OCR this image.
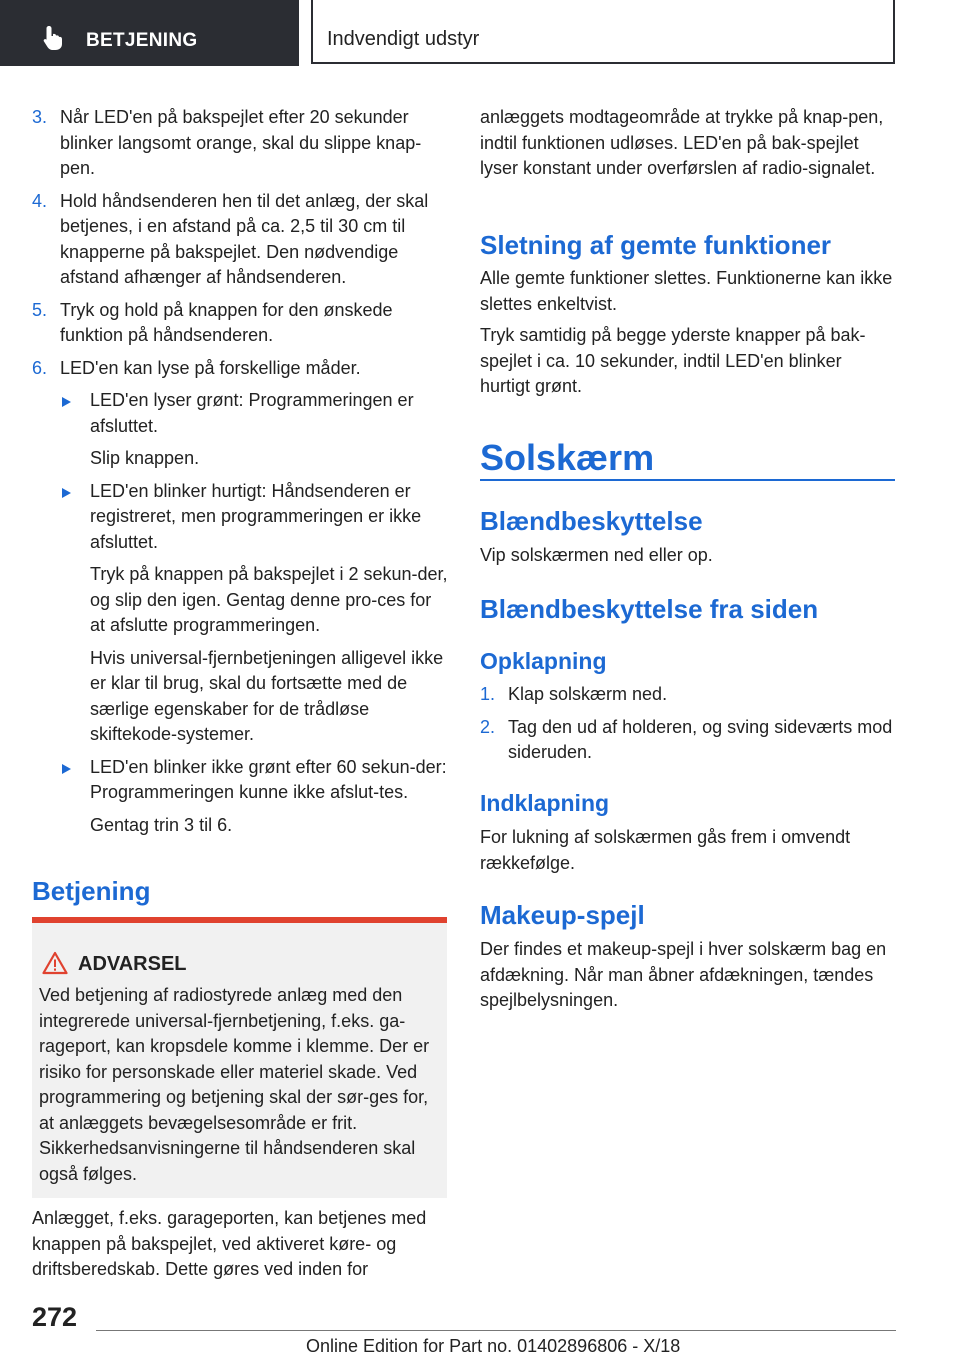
BETJENING	Indvendigt udstyr
3. Når LED'en på bakspejlet efter 20 sekunder blinker langsomt orange, skal du slippe knap-pen.
4. Hold håndsenderen hen til det anlæg, der skal betjenes, i en afstand på ca. 2,5 til 30 cm til knapperne på bakspejlet. Den nødvendige afstand afhænger af håndsenderen.
5. Tryk og hold på knappen for den ønskede funktion på håndsenderen.
6. LED'en kan lyse på forskellige måder.
LED'en lyser grønt: Programmeringen er afsluttet.
Slip knappen.
LED'en blinker hurtigt: Håndsenderen er registreret, men programmeringen er ikke afsluttet.
Tryk på knappen på bakspejlet i 2 sekun-der, og slip den igen. Gentag denne pro-ces for at afslutte programmeringen.
Hvis universal-fjernbetjeningen alligevel ikke er klar til brug, skal du fortsætte med de særlige egenskaber for de trådløse skiftekode-systemer.
LED'en blinker ikke grønt efter 60 sekun-der: Programmeringen kunne ikke afslut-tes.
Gentag trin 3 til 6.
Betjening
ADVARSEL
Ved betjening af radiostyrede anlæg med den integrerede universal-fjernbetjening, f.eks. ga-rageport, kan kropsdele komme i klemme. Der er risiko for personskade eller materiel skade. Ved programmering og betjening skal der sør-ges for, at anlæggets bevægelsesområde er frit. Sikkerhedsanvisningerne til håndsenderen skal også følges.

Anlægget, f.eks. garageporten, kan betjenes med knappen på bakspejlet, ved aktiveret køre- og driftsberedskab. Dette gøres ved inden for

anlæggets modtageområde at trykke på knap-pen, indtil funktionen udløses. LED'en på bak-spejlet lyser konstant under overførslen af radio-signalet.

Sletning af gemte funktioner

Alle gemte funktioner slettes. Funktionerne kan ikke slettes enkeltvist.

Tryk samtidig på begge yderste knapper på bak-spejlet i ca. 10 sekunder, indtil LED'en blinker hurtigt grønt.

Solskærm
Blændbeskyttelse

Vip solskærmen ned eller op.

Blændbeskyttelse fra siden
Opklapning
1. Klap solskærm ned.
2. Tag den ud af holderen, og sving sideværts mod sideruden.
Indklapning

For lukning af solskærmen gås frem i omvendt rækkefølge.

Makeup-spejl

Der findes et makeup-spejl i hver solskærm bag en afdækning. Når man åbner afdækningen, tændes spejlbelysningen.

272
Online Edition for Part no. 01402896806 - X/18
